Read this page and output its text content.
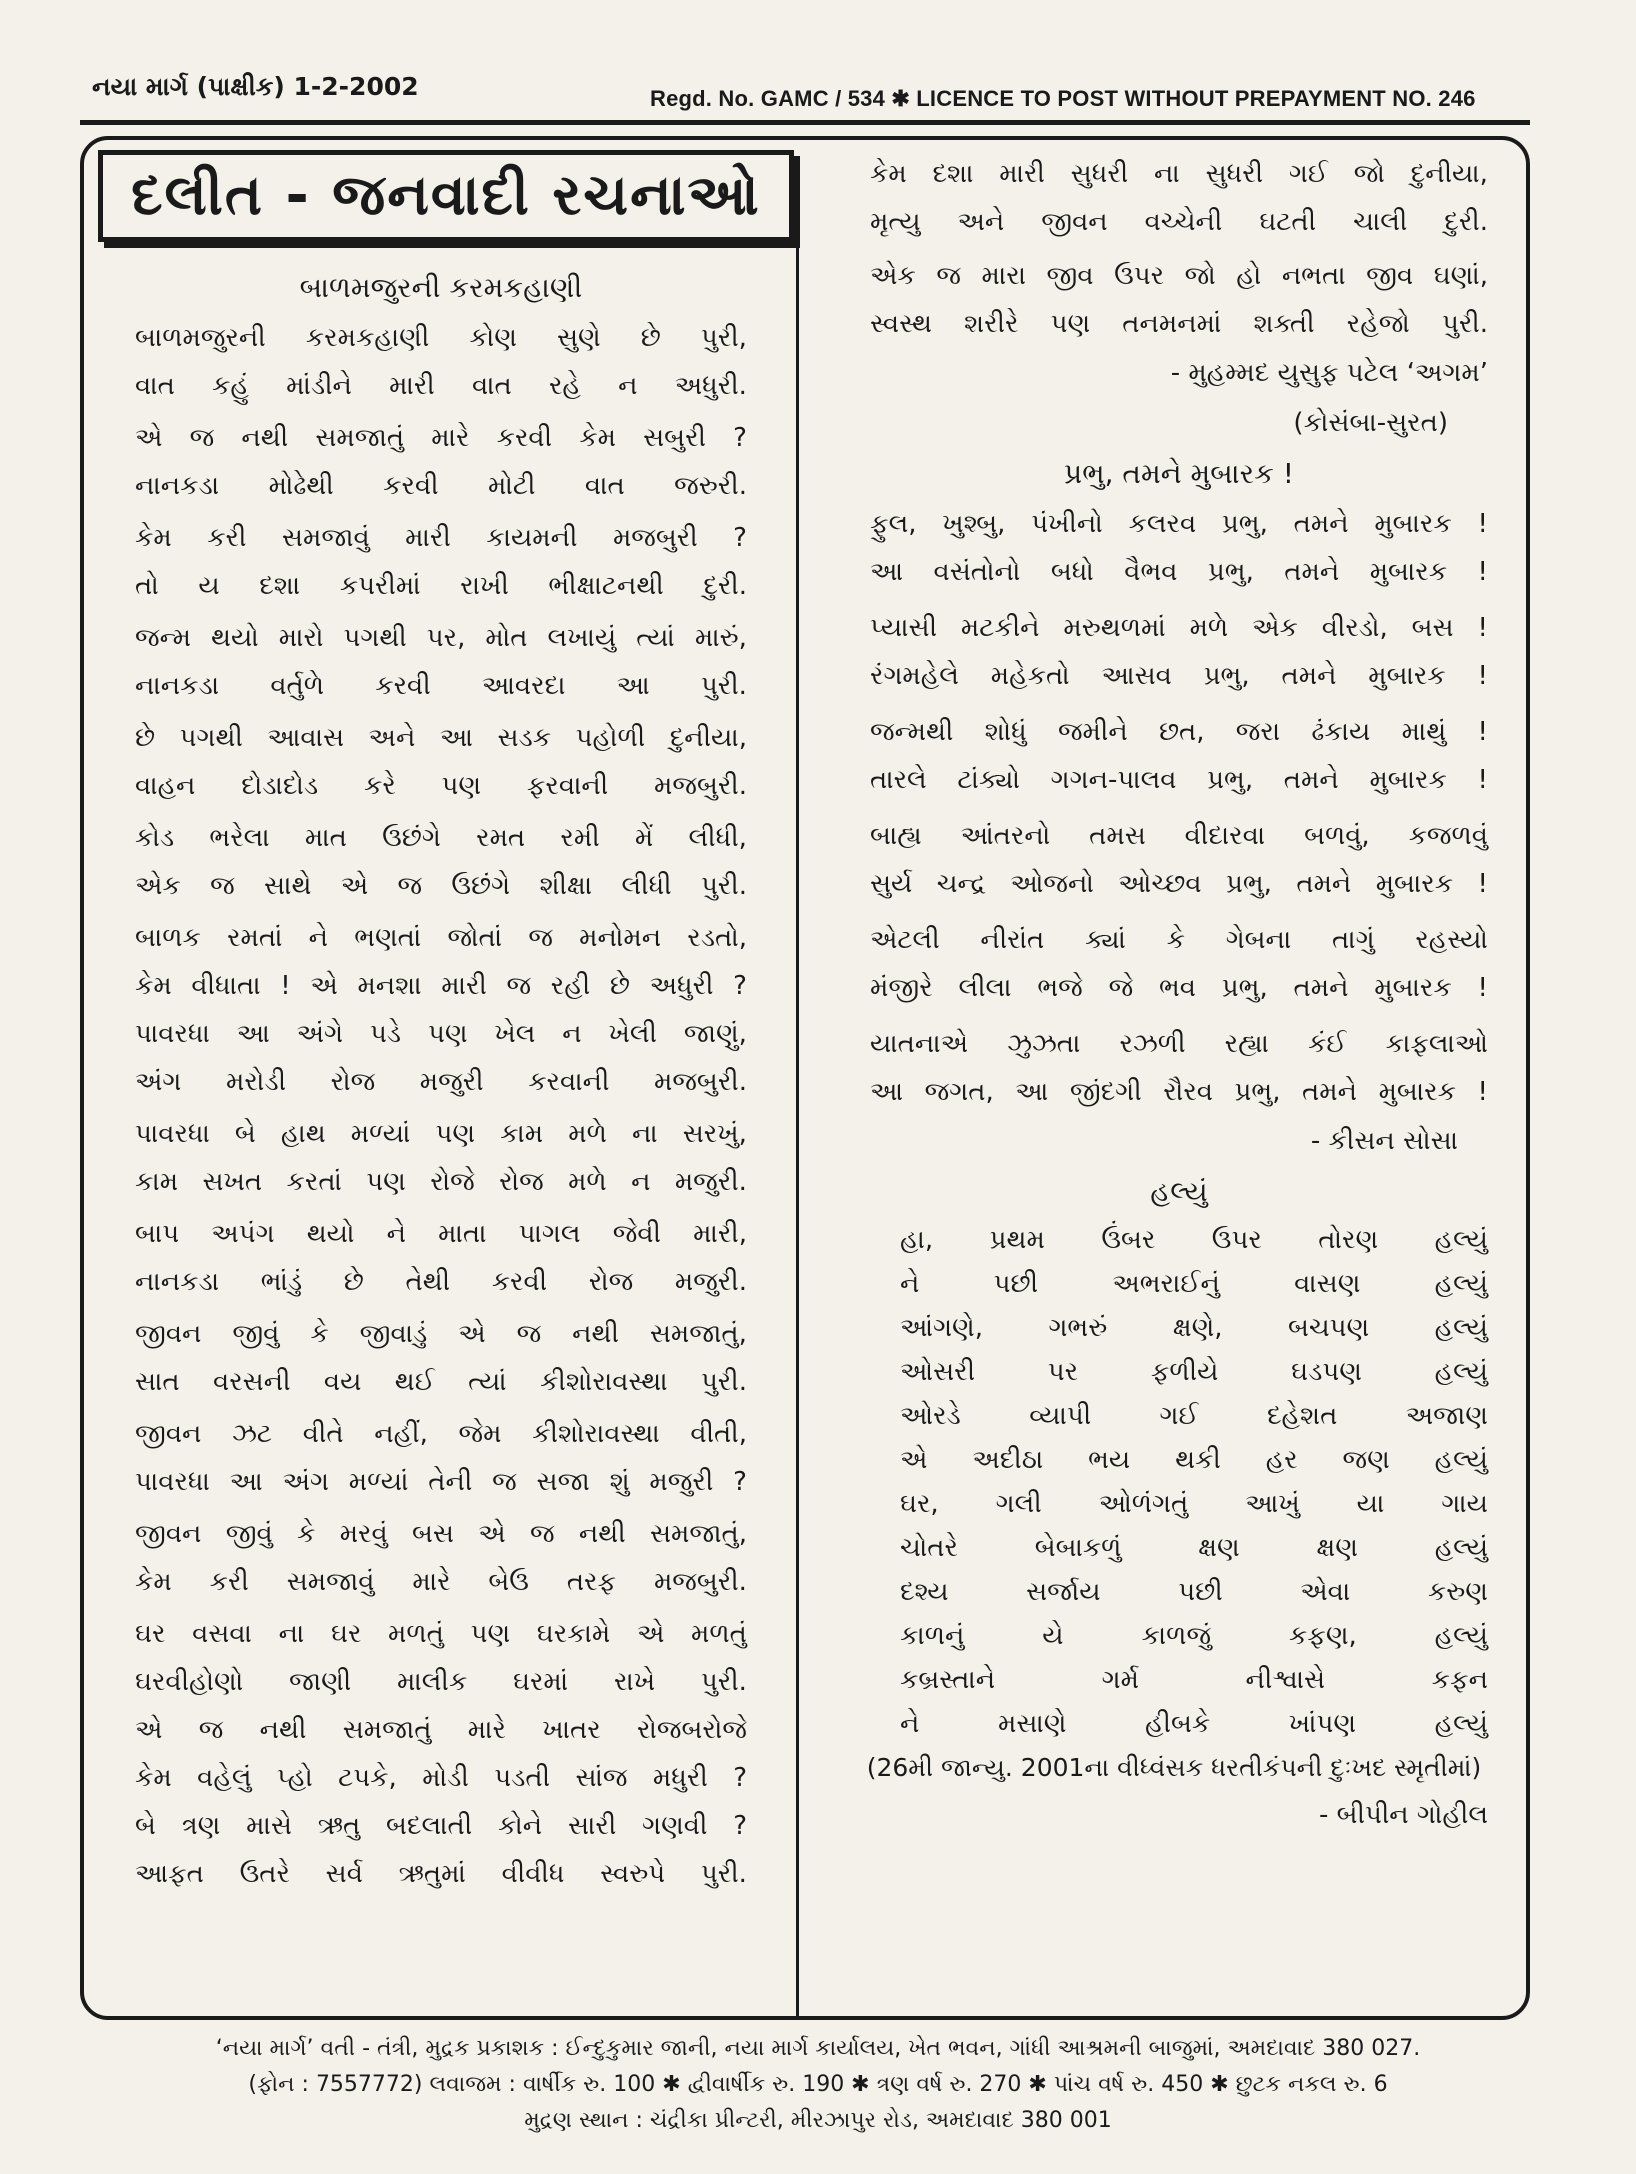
નયા માર્ગ (પાક્ષીક) 1-2-2002	Regd. No. GAMC / 534 ✱ LICENCE TO POST WITHOUT PREPAYMENT NO. 246
દલીત - જનવાદી રચનાઓ
બાળમજુરની કરમકહાણી
બાળમજુરની કરમકહાણી કોણ સુણે છે પુરી,
વાત કહું માંડીને મારી વાત રહે ન અધુરી.
એ જ નથી સમજાતું મારે કરવી કેમ સબુરી ?
નાનકડા મોઢેથી કરવી મોટી વાત જરુરી.
કેમ કરી સમજાવું મારી કાયમની મજબુરી ?
તો ય દશા કપરીમાં રાખી ભીક્ષાટનથી દુરી.
જન્મ થયો મારો પગથી પર, મોત લખાયું ત્યાં મારું,
નાનકડા વર્તુળે કરવી આવરદા આ પુરી.
છે પગથી આવાસ અને આ સડક પહોળી દુનીયા,
વાહન દોડાદોડ કરે પણ ફરવાની મજબુરી.
કોડ ભરેલા માત ઉછંગે રમત રમી મેં લીધી,
એક જ સાથે એ જ ઉછંગે શીક્ષા લીધી પુરી.
બાળક રમતાં ને ભણતાં જોતાં જ મનોમન રડતો,
કેમ વીધાતા ! એ મનશા મારી જ રહી છે અધુરી ?
પાવરધા આ અંગે પડે પણ ખેલ ન ખેલી જાણું,
અંગ મરોડી રોજ મજુરી કરવાની મજબુરી.
પાવરધા બે હાથ મળ્યાં પણ કામ મળે ના સરખું,
કામ સખત કરતાં પણ રોજે રોજ મળે ન મજુરી.
બાપ અપંગ થયો ને માતા પાગલ જેવી મારી,
નાનકડા ભાંડું છે તેથી કરવી રોજ મજુરી.
જીવન જીવું કે જીવાડું એ જ નથી સમજાતું,
સાત વરસની વય થઈ ત્યાં કીશોરાવસ્થા પુરી.
જીવન ઝટ વીતે નહીં, જેમ કીશોરાવસ્થા વીતી,
પાવરધા આ અંગ મળ્યાં તેની જ સજા શું મજુરી ?
જીવન જીવું કે મરવું બસ એ જ નથી સમજાતું,
કેમ કરી સમજાવું મારે બેઉ તરફ મજબુરી.
ઘર વસવા ના ઘર મળતું પણ ઘરકામે એ મળતું
ઘરવીહોણો જાણી માલીક ઘરમાં રાખે પુરી.
એ જ નથી સમજાતું મારે ખાતર રોજબરોજે
કેમ વહેલું પ્હો ટપકે, મોડી પડતી સાંજ મધુરી ?
બે ત્રણ માસે ઋતુ બદલાતી કોને સારી ગણવી ?
આફત ઉતરે સર્વ ઋતુમાં વીવીધ સ્વરુપે પુરી.
કેમ દશા મારી સુધરી ના સુધરી ગઈ જો દુનીયા,
મૃત્યુ અને જીવન વચ્ચેની ઘટતી ચાલી દુરી.
એક જ મારા જીવ ઉપર જો હો નભતા જીવ ઘણાં,
સ્વસ્થ શરીરે પણ તનમનમાં શક્તી રહેજો પુરી.
- મુહમ્મદ યુસુફ પટેલ ‘અગમ’
(કોસંબા-સુરત)
પ્રભુ, તમને મુબારક !
ફુલ, ખુશ્બુ, પંખીનો કલરવ પ્રભુ, તમને મુબારક !
આ વસંતોનો બધો વૈભવ પ્રભુ, તમને મુબારક !
પ્યાસી મટકીને મરુથળમાં મળે એક વીરડો, બસ !
રંગમહેલે મહેકતો આસવ પ્રભુ, તમને મુબારક !
જન્મથી શોધું જમીને છત, જરા ઢંકાય માથું !
તારલે ટાંક્યો ગગન-પાલવ પ્રભુ, તમને મુબારક !
બાહ્ય આંતરનો તમસ વીદારવા બળવું, કજળવું
સુર્ય ચન્દ્ર ઓજનો ઓચ્છવ પ્રભુ, તમને મુબારક !
એટલી નીરાંત ક્યાં કે ગેબના તાગું રહસ્યો
મંજીરે લીલા ભજે જે ભવ પ્રભુ, તમને મુબારક !
યાતનાએ ઝુઝતા રઝળી રહ્યા કંઈ કાફલાઓ
આ જગત, આ જીંદગી રૌરવ પ્રભુ, તમને મુબારક !
- કીસન સોસા
હલ્યું
હા, પ્રથમ ઉંબર ઉપર તોરણ હલ્યું
ને	પછી	અભરાઈનું	વાસણ	હલ્યું
આંગણે,	ગભરું	ક્ષણે,	બચપણ	હલ્યું
ઓસરી	પર	ફળીયે	ઘડપણ	હલ્યું
ઓરડે	વ્યાપી	ગઈ	દહેશત	અજાણ
એ અદીઠા ભય થકી હર જણ હલ્યું
ઘર, ગલી ઓળંગતું આખું યા ગાય
ચોતરે	બેબાકળું	ક્ષણ	ક્ષણ	હલ્યું
દશ્ય	સર્જાય	પછી	એવા	કરુણ
કાળનું	યે	કાળજું	કફણ,	હલ્યું
કબ્રસ્તાને	ગર્મ	નીશ્વાસે	કફન
ને	મસાણે	હીબકે	ખાંપણ	હલ્યું
(26મી જાન્યુ. 2001ના વીધ્વંસક ધરતીકંપની દુઃખદ સ્મૃતીમાં)
- બીપીન ગોહીલ
‘નયા માર્ગ’ વતી - તંત્રી, મુદ્રક પ્રકાશક : ઈન્દુકુમાર જાની, નયા માર્ગ કાર્યાલય, ખેત ભવન, ગાંધી આશ્રમની બાજુમાં, અમદાવાદ 380 027.
(ફોન : 7557772) લવાજમ : વાર્ષીક રુ. 100 ✱ દ્વીવાર્ષીક રુ. 190 ✱ ત્રણ વર્ષ રુ. 270 ✱ પાંચ વર્ષ રુ. 450 ✱ છુટક નકલ રુ. 6
મુદ્રણ સ્થાન : ચંદ્રીકા પ્રીન્ટરી, મીરઝાપુર રોડ, અમદાવાદ 380 001
